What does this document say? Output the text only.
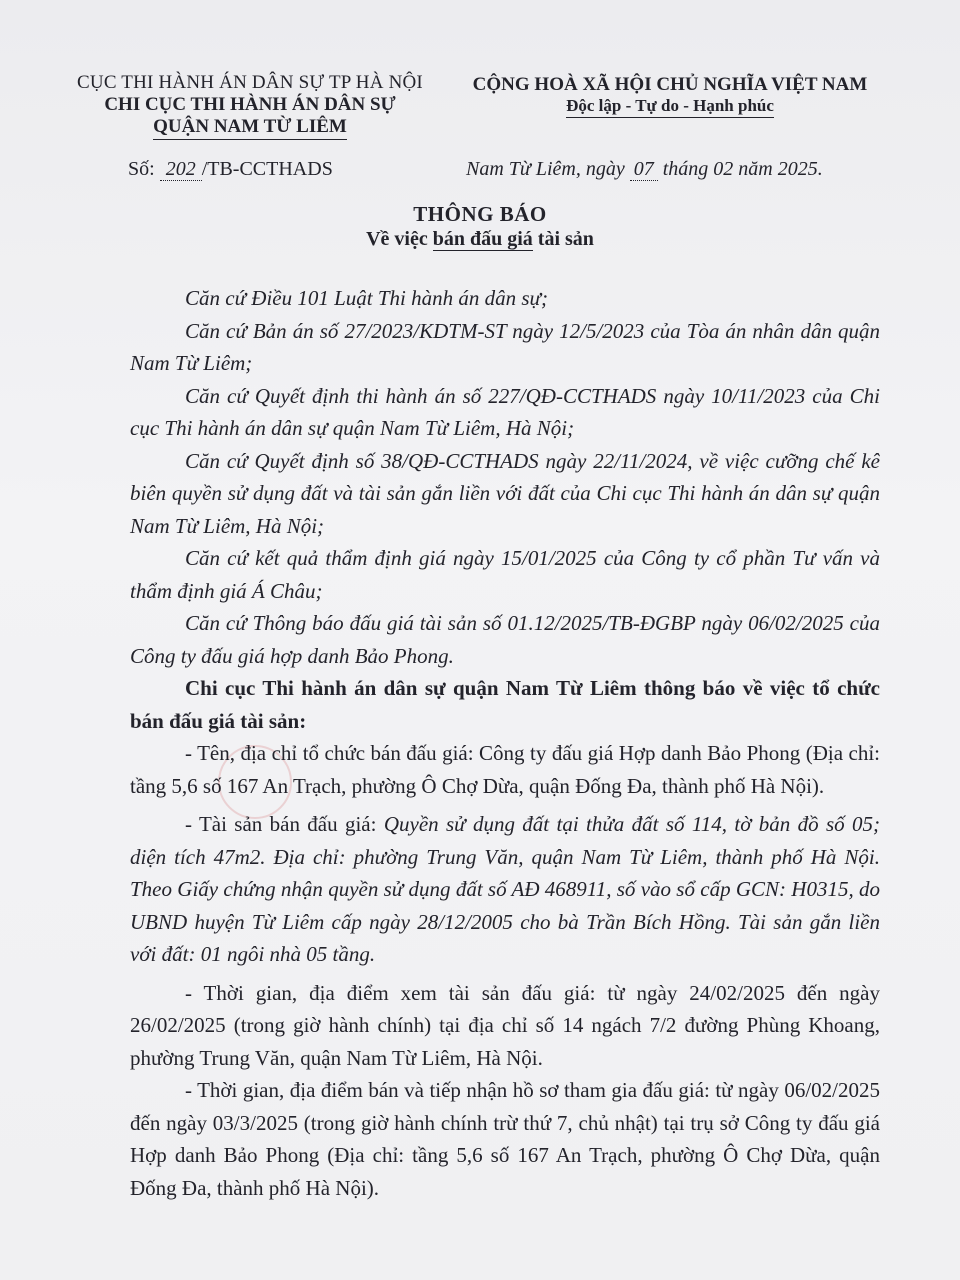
CỤC THI HÀNH ÁN DÂN SỰ TP HÀ NỘI
CHI CỤC THI HÀNH ÁN DÂN SỰ
QUẬN NAM TỪ LIÊM
CỘNG HOÀ XÃ HỘI CHỦ NGHĨA VIỆT NAM
Độc lập - Tự do - Hạnh phúc
Số: 202 /TB-CCTHADS	Nam Từ Liêm, ngày 07 tháng 02 năm 2025.
THÔNG BÁO
Về việc bán đấu giá tài sản

Căn cứ Điều 101 Luật Thi hành án dân sự;

Căn cứ Bản án số 27/2023/KDTM-ST ngày 12/5/2023 của Tòa án nhân dân quận Nam Từ Liêm;

Căn cứ Quyết định thi hành án số 227/QĐ-CCTHADS ngày 10/11/2023 của Chi cục Thi hành án dân sự quận Nam Từ Liêm, Hà Nội;

Căn cứ Quyết định số 38/QĐ-CCTHADS ngày 22/11/2024, về việc cưỡng chế kê biên quyền sử dụng đất và tài sản gắn liền với đất của Chi cục Thi hành án dân sự quận Nam Từ Liêm, Hà Nội;

Căn cứ kết quả thẩm định giá ngày 15/01/2025 của Công ty cổ phần Tư vấn và thẩm định giá Á Châu;

Căn cứ Thông báo đấu giá tài sản số 01.12/2025/TB-ĐGBP ngày 06/02/2025 của Công ty đấu giá hợp danh Bảo Phong.

Chi cục Thi hành án dân sự quận Nam Từ Liêm thông báo về việc tổ chức bán đấu giá tài sản:

- Tên, địa chỉ tổ chức bán đấu giá: Công ty đấu giá Hợp danh Bảo Phong (Địa chỉ: tầng 5,6 số 167 An Trạch, phường Ô Chợ Dừa, quận Đống Đa, thành phố Hà Nội).

- Tài sản bán đấu giá: Quyền sử dụng đất tại thửa đất số 114, tờ bản đồ số 05; diện tích 47m2. Địa chỉ: phường Trung Văn, quận Nam Từ Liêm, thành phố Hà Nội. Theo Giấy chứng nhận quyền sử dụng đất số AĐ 468911, số vào sổ cấp GCN: H0315, do UBND huyện Từ Liêm cấp ngày 28/12/2005 cho bà Trần Bích Hồng. Tài sản gắn liền với đất: 01 ngôi nhà 05 tầng.

- Thời gian, địa điểm xem tài sản đấu giá: từ ngày 24/02/2025 đến ngày 26/02/2025 (trong giờ hành chính) tại địa chỉ số 14 ngách 7/2 đường Phùng Khoang, phường Trung Văn, quận Nam Từ Liêm, Hà Nội.

- Thời gian, địa điểm bán và tiếp nhận hồ sơ tham gia đấu giá: từ ngày 06/02/2025 đến ngày 03/3/2025 (trong giờ hành chính trừ thứ 7, chủ nhật) tại trụ sở Công ty đấu giá Hợp danh Bảo Phong (Địa chỉ: tầng 5,6 số 167 An Trạch, phường Ô Chợ Dừa, quận Đống Đa, thành phố Hà Nội).
